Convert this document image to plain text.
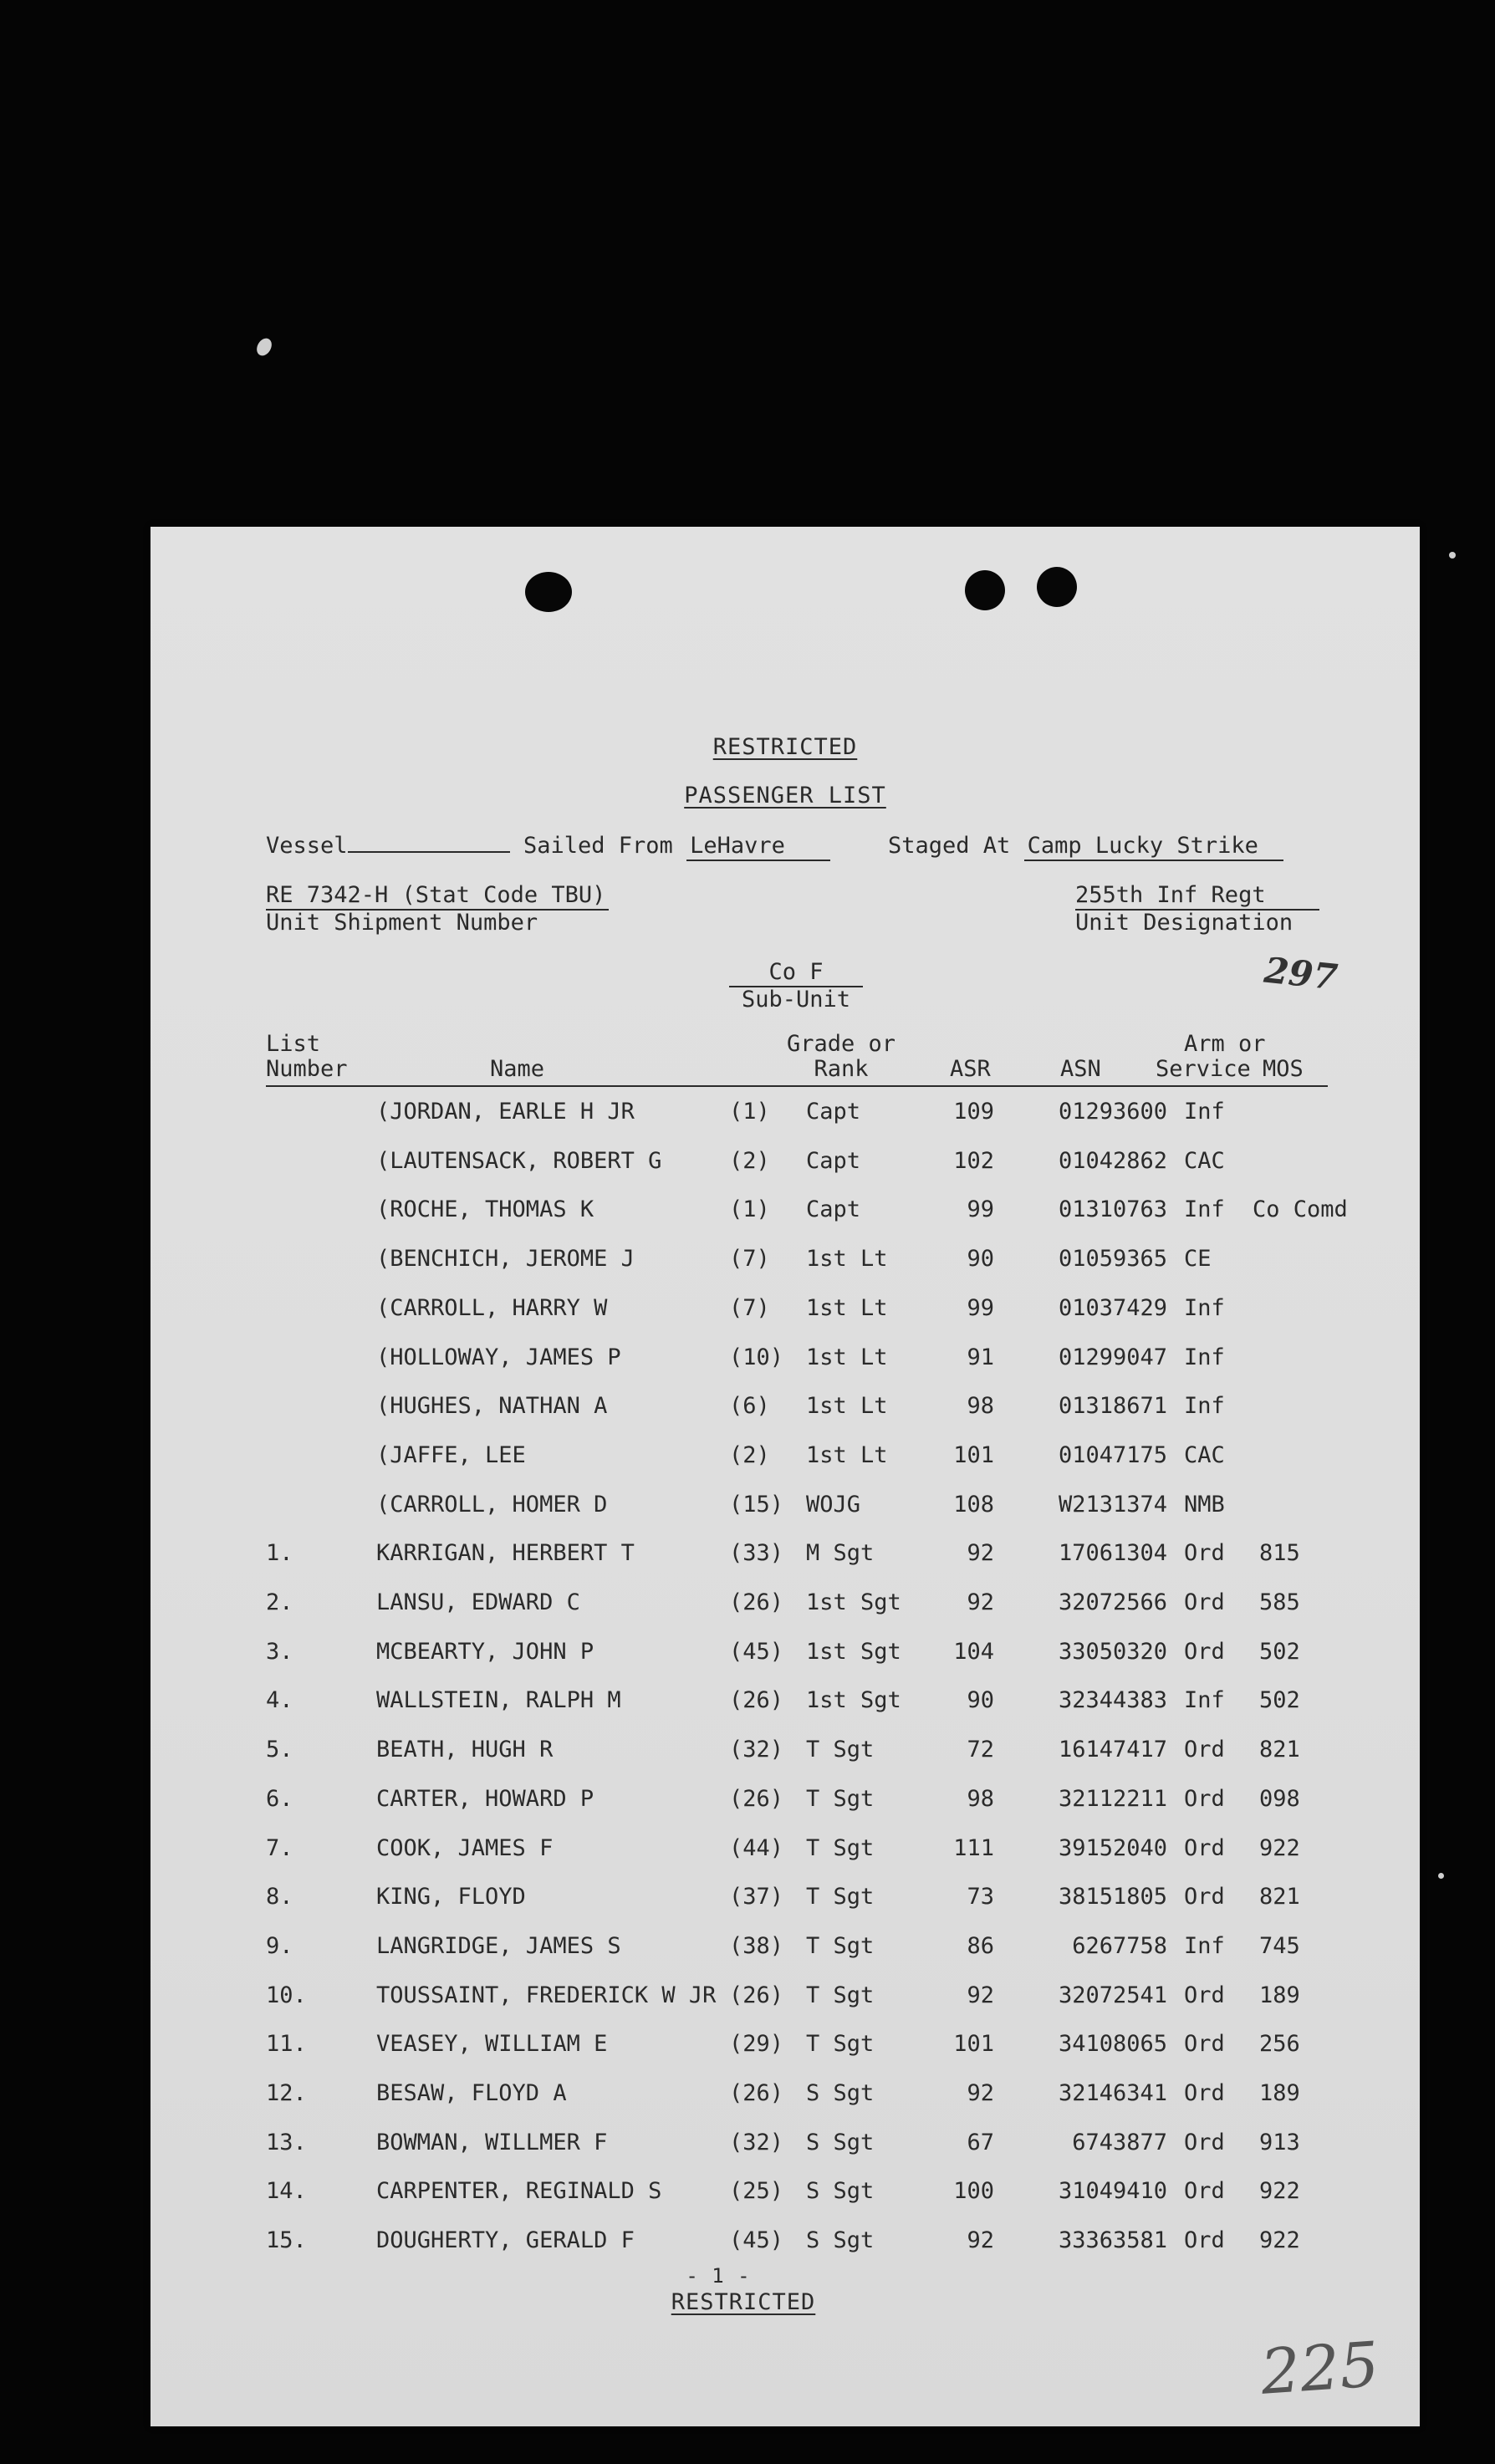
RESTRICTED
PASSENGER LIST
Vessel	Sailed From LeHavre	Staged At Camp Lucky Strike
RE 7342-H (Stat Code TBU)
Unit Shipment Number
255th Inf Regt
Unit Designation
Co F
Sub-Unit
297
List
Number	Name
Grade or
Rank	ASR	ASN
Arm or
Service MOS
(JORDAN, EARLE H JR	(1) Capt	109	01293600 Inf
(LAUTENSACK, ROBERT G	(2) Capt	102	01042862 CAC
(ROCHE, THOMAS K	(1) Capt	99	01310763 Inf Co Comd
(BENCHICH, JEROME J	(7) 1st Lt	90	01059365 CE
(CARROLL, HARRY W	(7) 1st Lt	99	01037429 Inf
(HOLLOWAY, JAMES P	(10) 1st Lt	91	01299047 Inf
(HUGHES, NATHAN A	(6) 1st Lt	98	01318671 Inf
(JAFFE, LEE	(2) 1st Lt	101	01047175 CAC
(CARROLL, HOMER D	(15) WOJG	108	W2131374 NMB
1.	KARRIGAN, HERBERT T	(33) M Sgt	92	17061304 Ord 815
2.	LANSU, EDWARD C	(26) 1st Sgt	92	32072566 Ord 585
3.	MCBEARTY, JOHN P	(45) 1st Sgt 104	33050320 Ord 502
4.	WALLSTEIN, RALPH M	(26) 1st Sgt	90	32344383 Inf 502
5.	BEATH, HUGH R	(32) T Sgt	72	16147417 Ord 821
6.	CARTER, HOWARD P	(26) T Sgt	98	32112211 Ord 098
7.	COOK, JAMES F	(44) T Sgt	111	39152040 Ord 922
8.	KING, FLOYD	(37) T Sgt	73	38151805 Ord 821
9.	LANGRIDGE, JAMES S	(38) T Sgt	86	6267758 Inf 745
10.	TOUSSAINT, FREDERICK W JR (26) T Sgt	92	32072541 Ord 189
11.	VEASEY, WILLIAM E	(29) T Sgt	101	34108065 Ord 256
12.	BESAW, FLOYD A	(26) S Sgt	92	32146341 Ord 189
13.	BOWMAN, WILLMER F	(32) S Sgt	67	6743877 Ord 913
14.	CARPENTER, REGINALD S	(25) S Sgt	100	31049410 Ord 922
15.	DOUGHERTY, GERALD F	(45) S Sgt	92	33363581 Ord 922
- 1 -
RESTRICTED
225
